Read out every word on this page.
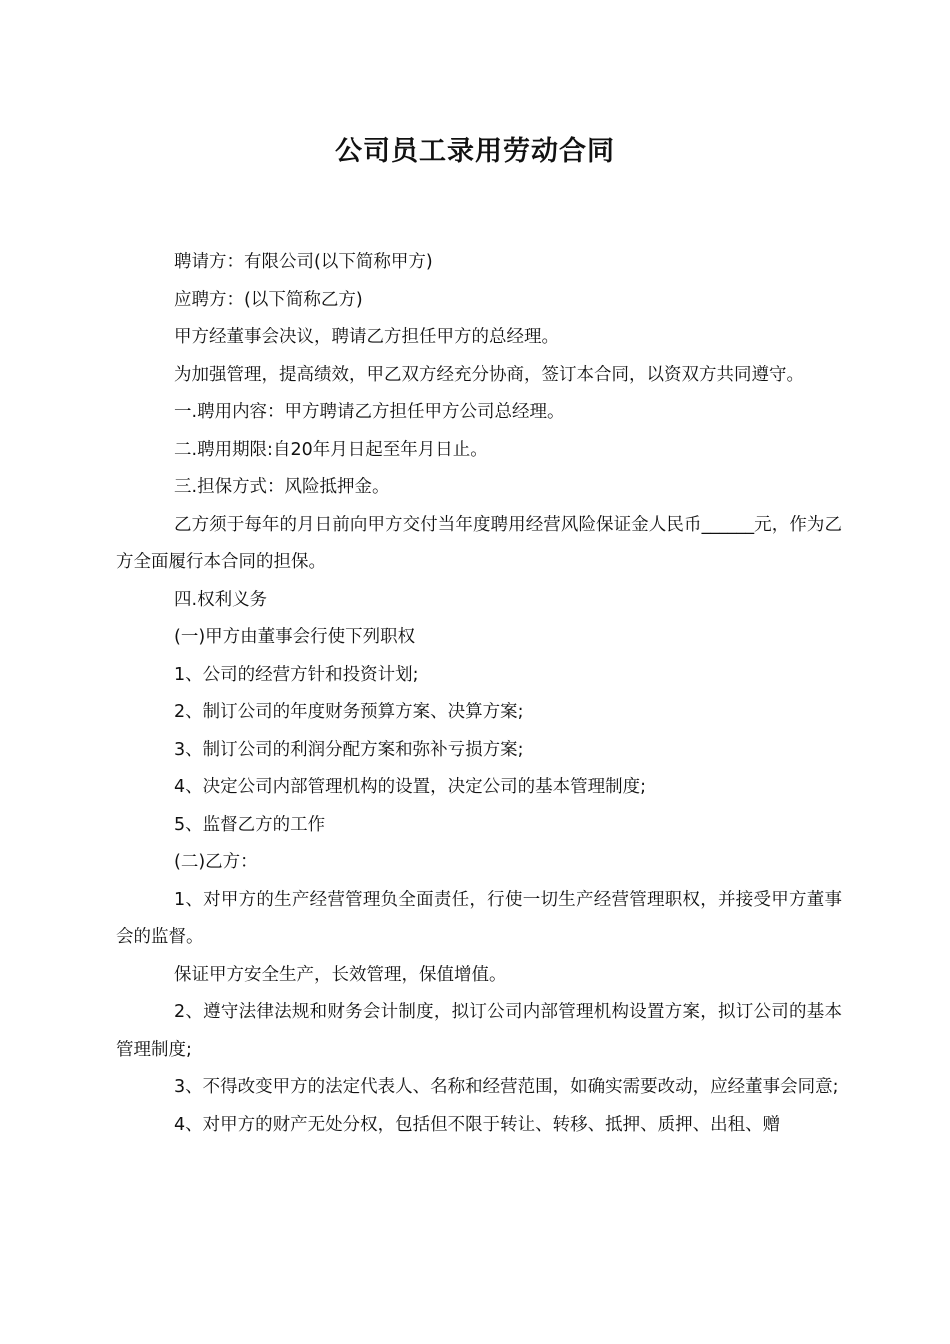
公司员工录用劳动合同

聘请方：有限公司(以下简称甲方)

应聘方：(以下简称乙方)

甲方经董事会决议，聘请乙方担任甲方的总经理。

为加强管理，提高绩效，甲乙双方经充分协商，签订本合同，以资双方共同遵守。

一.聘用内容：甲方聘请乙方担任甲方公司总经理。

二.聘用期限:自20年月日起至年月日止。

三.担保方式：风险抵押金。

乙方须于每年的月日前向甲方交付当年度聘用经营风险保证金人民币______元，作为乙方全面履行本合同的担保。

四.权利义务

(一)甲方由董事会行使下列职权

1、公司的经营方针和投资计划;

2、制订公司的年度财务预算方案、决算方案;

3、制订公司的利润分配方案和弥补亏损方案;

4、决定公司内部管理机构的设置，决定公司的基本管理制度;

5、监督乙方的工作

(二)乙方：

1、对甲方的生产经营管理负全面责任，行使一切生产经营管理职权，并接受甲方董事会的监督。

保证甲方安全生产，长效管理，保值增值。

2、遵守法律法规和财务会计制度，拟订公司内部管理机构设置方案，拟订公司的基本管理制度;

3、不得改变甲方的法定代表人、名称和经营范围，如确实需要改动，应经董事会同意;

4、对甲方的财产无处分权，包括但不限于转让、转移、抵押、质押、出租、赠
